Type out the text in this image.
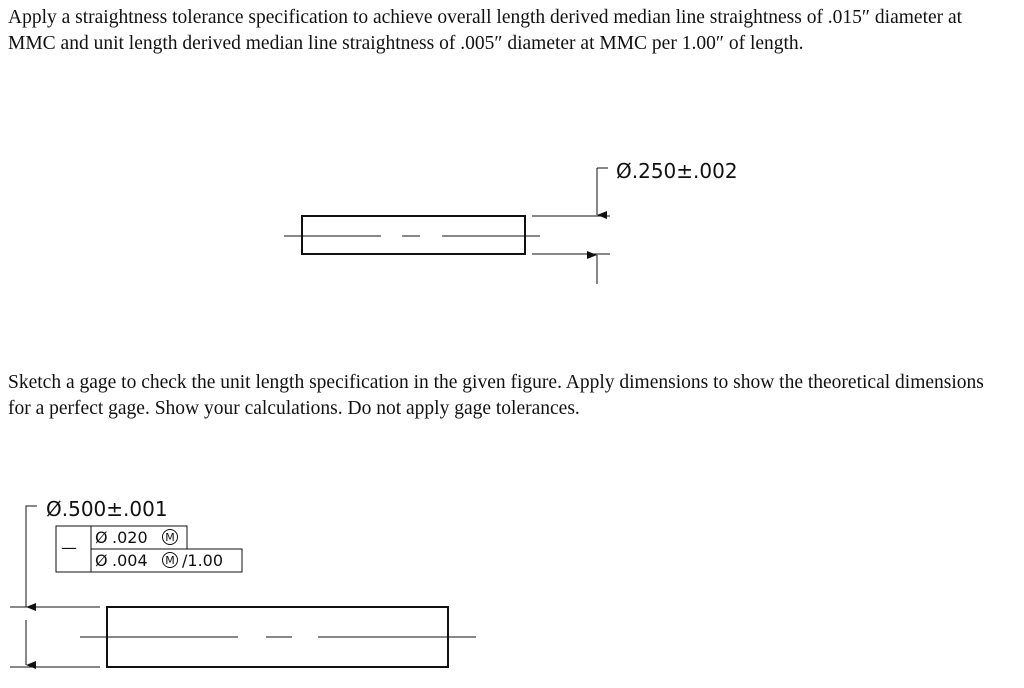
Apply a straightness tolerance specification to achieve overall length derived median line straightness of .015″ diameter at MMC and unit length derived median line straightness of .005″ diameter at MMC per 1.00″ of length.

Sketch a gage to check the unit length specification in the given figure. Apply dimensions to show the theoretical dimensions for a perfect gage. Show your calculations. Do not apply gage tolerances.

Ø.250±.002
Ø.500±.001
—
Ø .020 M
Ø .004 M /1.00
